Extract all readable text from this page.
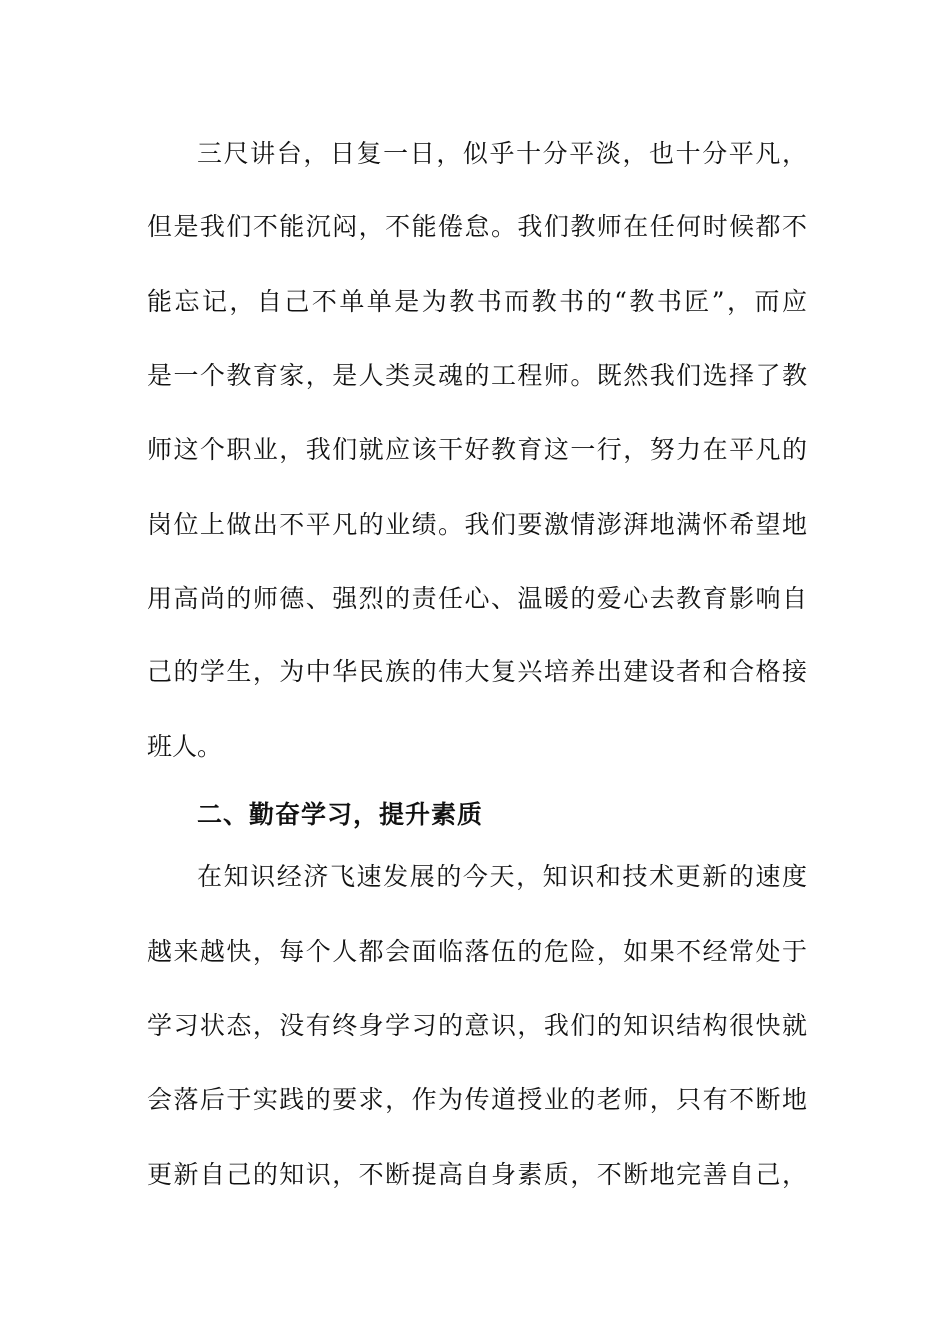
三尺讲台，日复一日，似乎十分平淡，也十分平凡，
但是我们不能沉闷，不能倦怠。我们教师在任何时候都不
能忘记，自己不单单是为教书而教书的“教书匠”，而应
是一个教育家，是人类灵魂的工程师。既然我们选择了教
师这个职业，我们就应该干好教育这一行，努力在平凡的
岗位上做出不平凡的业绩。我们要激情澎湃地满怀希望地
用高尚的师德、强烈的责任心、温暖的爱心去教育影响自
己的学生，为中华民族的伟大复兴培养出建设者和合格接
班人。
二、勤奋学习，提升素质
在知识经济飞速发展的今天，知识和技术更新的速度
越来越快，每个人都会面临落伍的危险，如果不经常处于
学习状态，没有终身学习的意识，我们的知识结构很快就
会落后于实践的要求，作为传道授业的老师，只有不断地
更新自己的知识，不断提高自身素质，不断地完善自己，
